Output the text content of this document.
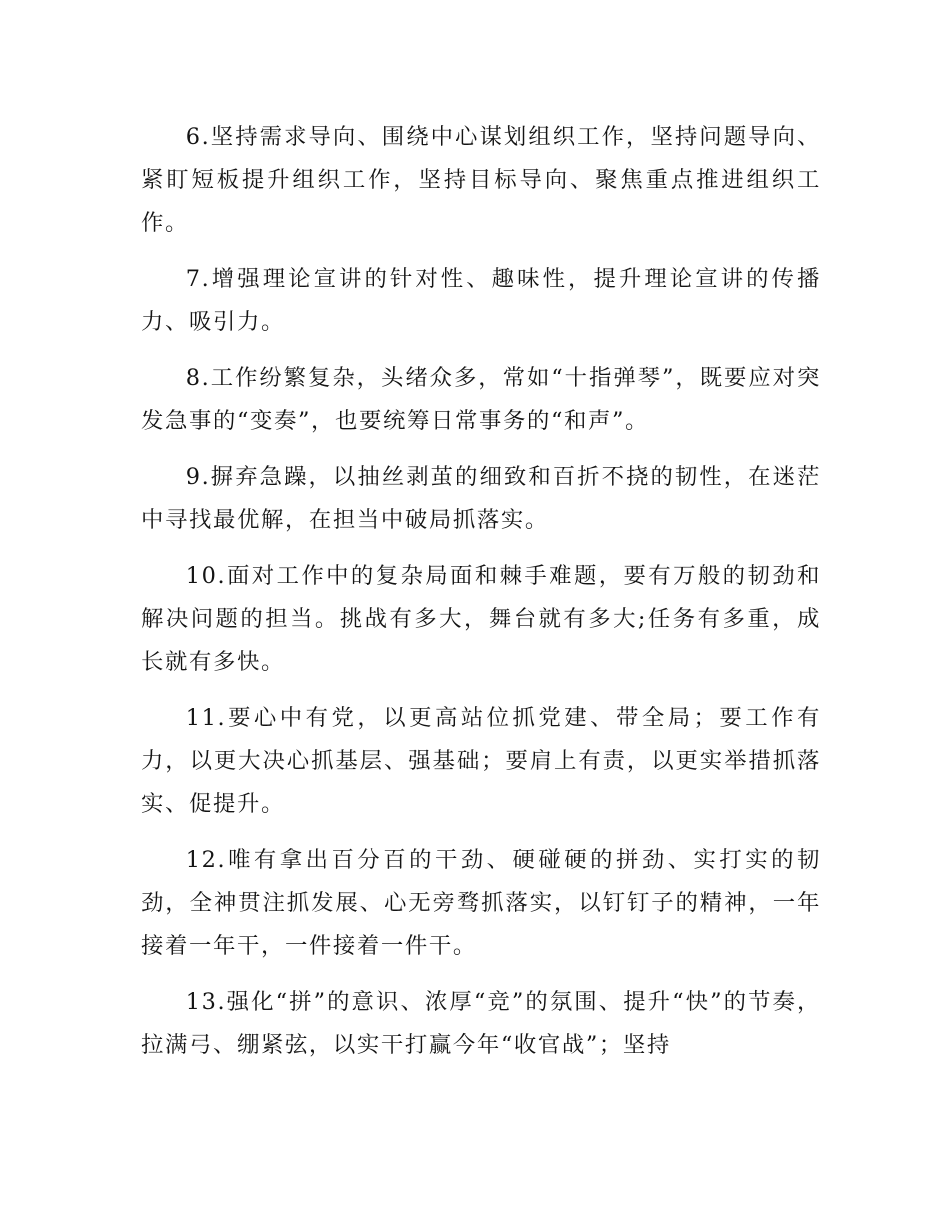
6.坚持需求导向、围绕中心谋划组织工作，坚持问题导向、紧盯短板提升组织工作，坚持目标导向、聚焦重点推进组织工作。

7.增强理论宣讲的针对性、趣味性，提升理论宣讲的传播力、吸引力。

8.工作纷繁复杂，头绪众多，常如“十指弹琴”，既要应对突发急事的“变奏”，也要统筹日常事务的“和声”。

9.摒弃急躁，以抽丝剥茧的细致和百折不挠的韧性，在迷茫中寻找最优解，在担当中破局抓落实。

10.面对工作中的复杂局面和棘手难题，要有万般的韧劲和解决问题的担当。挑战有多大，舞台就有多大;任务有多重，成长就有多快。

11.要心中有党，以更高站位抓党建、带全局；要工作有力，以更大决心抓基层、强基础；要肩上有责，以更实举措抓落实、促提升。

12.唯有拿出百分百的干劲、硬碰硬的拼劲、实打实的韧劲，全神贯注抓发展、心无旁骛抓落实，以钉钉子的精神，一年接着一年干，一件接着一件干。

13.强化“拼”的意识、浓厚“竞”的氛围、提升“快”的节奏，拉满弓、绷紧弦，以实干打赢今年“收官战”；坚持
